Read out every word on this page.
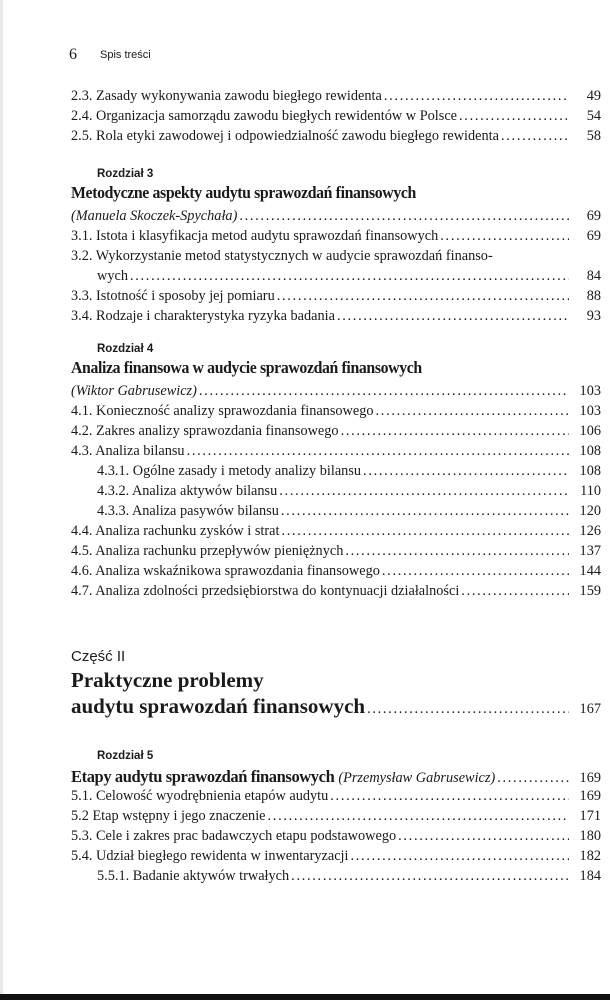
6 Spis treści
2.3. Zasady wykonywania zawodu biegłego rewidenta .....	49
2.4. Organizacja samorządu zawodu biegłych rewidentów w Polsce .....	54
2.5. Rola etyki zawodowej i odpowiedzialność zawodu biegłego rewidenta .....	58
Rozdział 3
Metodyczne aspekty audytu sprawozdań finansowych
(Manuela Skoczek-Spychała) .....	69
3.1. Istota i klasyfikacja metod audytu sprawozdań finansowych .....	69
3.2. Wykorzystanie metod statystycznych w audycie sprawozdań finanso-
wych .....	84
3.3. Istotność i sposoby jej pomiaru .....	88
3.4. Rodzaje i charakterystyka ryzyka badania .....	93
Rozdział 4
Analiza finansowa w audycie sprawozdań finansowych
(Wiktor Gabrusewicz) .....	103
4.1. Konieczność analizy sprawozdania finansowego .....	103
4.2. Zakres analizy sprawozdania finansowego .....	106
4.3. Analiza bilansu .....	108
4.3.1. Ogólne zasady i metody analizy bilansu .....	108
4.3.2. Analiza aktywów bilansu .....	110
4.3.3. Analiza pasywów bilansu .....	120
4.4. Analiza rachunku zysków i strat .....	126
4.5. Analiza rachunku przepływów pieniężnych .....	137
4.6. Analiza wskaźnikowa sprawozdania finansowego .....	144
4.7. Analiza zdolności przedsiębiorstwa do kontynuacji działalności .....	159
Część II
Praktyczne problemy
audytu sprawozdań finansowych .....	167
Rozdział 5
Etapy audytu sprawozdań finansowych (Przemysław Gabrusewicz) .....	169
5.1. Celowość wyodrębnienia etapów audytu .....	169
5.2 Etap wstępny i jego znaczenie .....	171
5.3. Cele i zakres prac badawczych etapu podstawowego .....	180
5.4. Udział biegłego rewidenta w inwentaryzacji .....	182
5.5.1. Badanie aktywów trwałych .....	184
